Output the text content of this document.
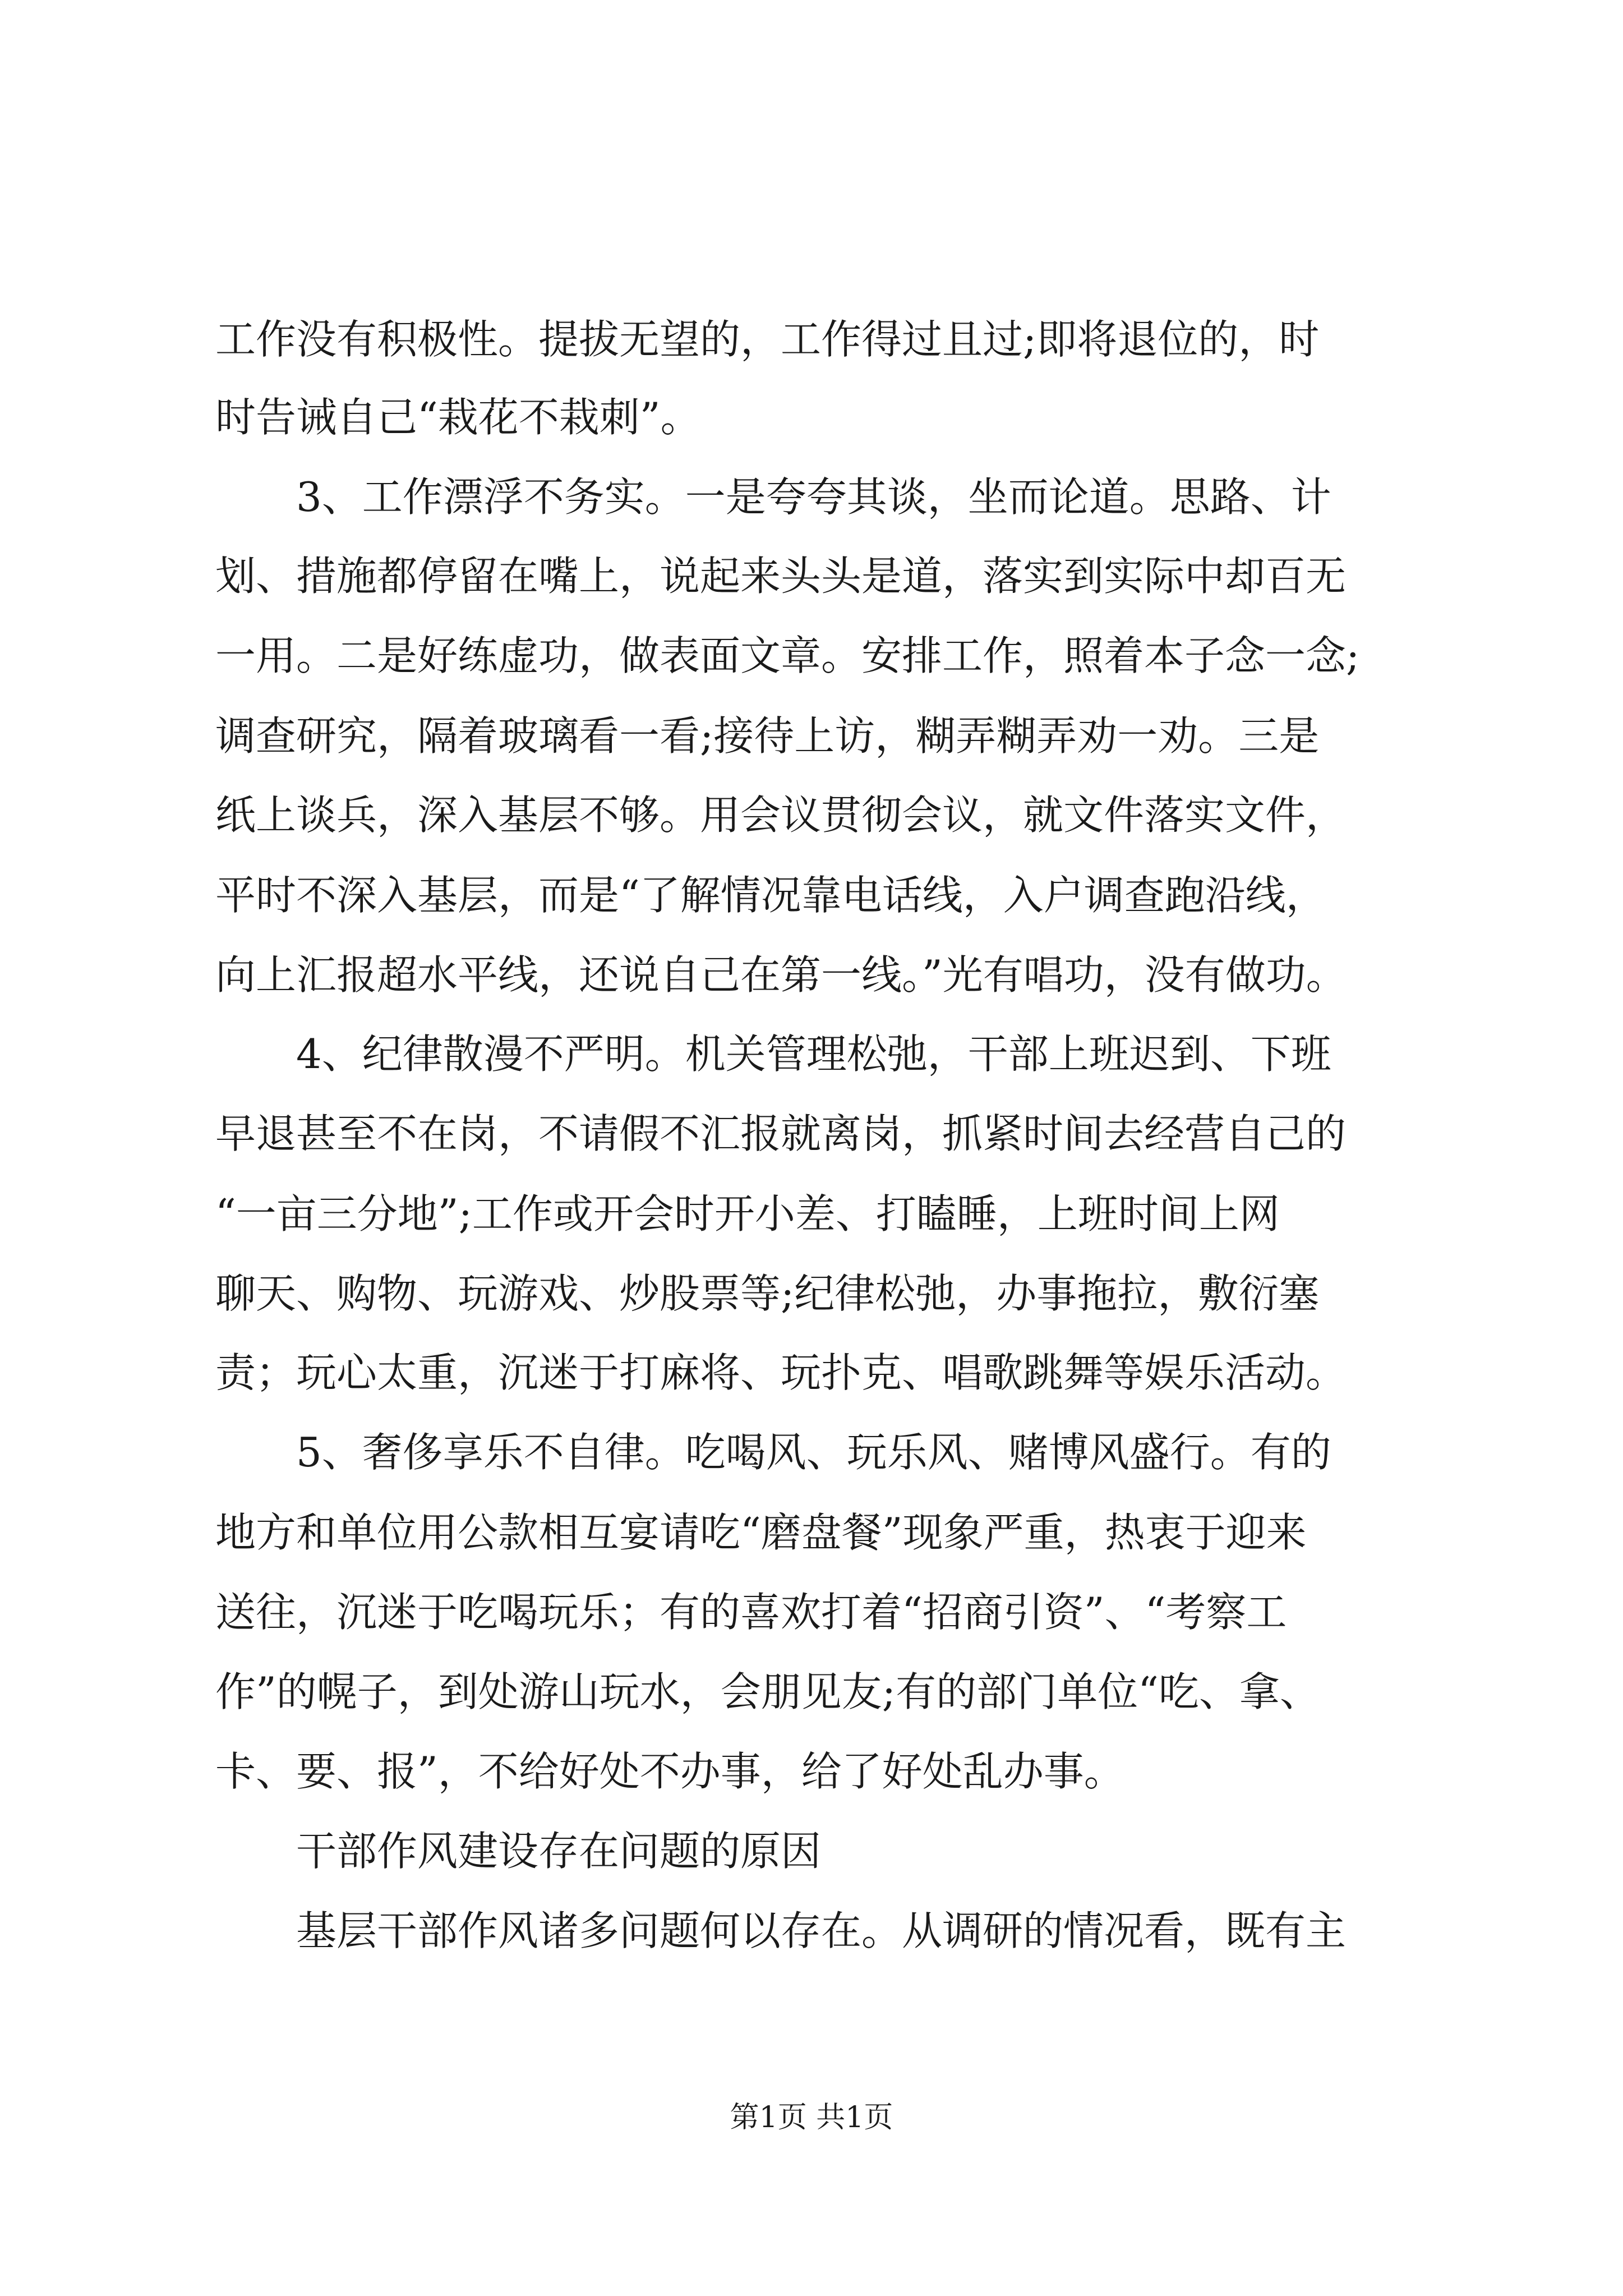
工作没有积极性。提拔无望的，工作得过且过;即将退位的，时
时告诫自己“栽花不栽刺”。
　　3、工作漂浮不务实。一是夸夸其谈，坐而论道。思路、计
划、措施都停留在嘴上，说起来头头是道，落实到实际中却百无
一用。二是好练虚功，做表面文章。安排工作，照着本子念一念;
调查研究，隔着玻璃看一看;接待上访，糊弄糊弄劝一劝。三是
纸上谈兵，深入基层不够。用会议贯彻会议，就文件落实文件，
平时不深入基层，而是“了解情况靠电话线，入户调查跑沿线，
向上汇报超水平线，还说自己在第一线。”光有唱功，没有做功。
　　4、纪律散漫不严明。机关管理松弛，干部上班迟到、下班
早退甚至不在岗，不请假不汇报就离岗，抓紧时间去经营自己的
“一亩三分地”;工作或开会时开小差、打瞌睡，上班时间上网
聊天、购物、玩游戏、炒股票等;纪律松弛，办事拖拉，敷衍塞
责；玩心太重，沉迷于打麻将、玩扑克、唱歌跳舞等娱乐活动。
　　5、奢侈享乐不自律。吃喝风、玩乐风、赌博风盛行。有的
地方和单位用公款相互宴请吃“磨盘餐”现象严重，热衷于迎来
送往，沉迷于吃喝玩乐；有的喜欢打着“招商引资”、“考察工
作”的幌子，到处游山玩水，会朋见友;有的部门单位“吃、拿、
卡、要、报”，不给好处不办事，给了好处乱办事。
　　干部作风建设存在问题的原因
　　基层干部作风诸多问题何以存在。从调研的情况看，既有主
第1页 共1页
